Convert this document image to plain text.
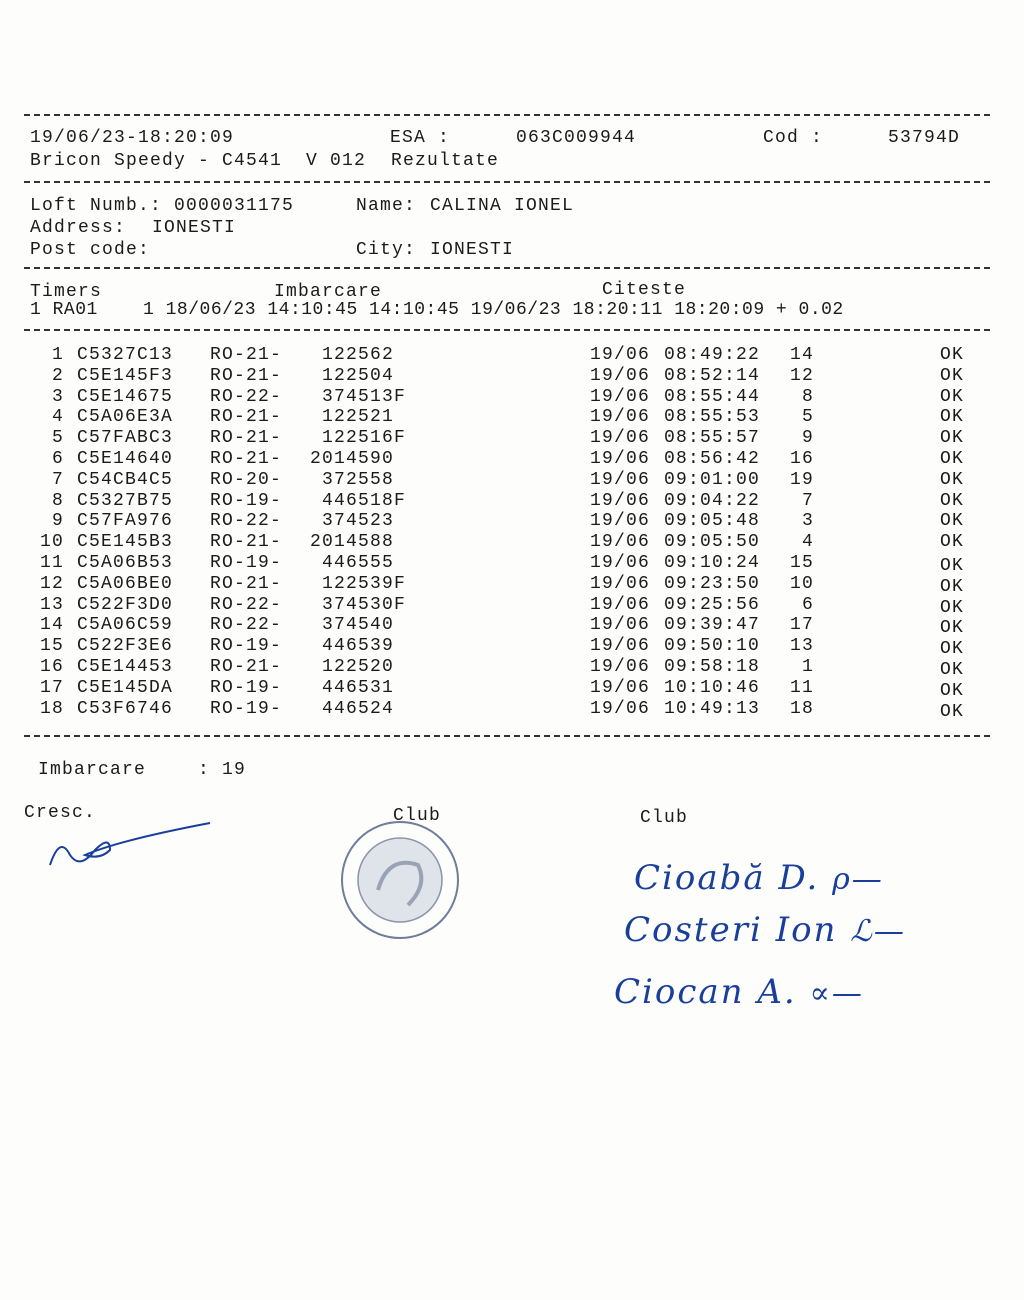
19/06/23-18:20:09	ESA :	063C009944	Cod :	53794D
Bricon Speedy - C4541 V 012 Rezultate
Loft Numb.: 0000031175	Name: CALINA IONEL
Address: IONESTI
Post code:	City: IONESTI
Timers	Imbarcare	Citeste
1 RA01    1 18/06/23 14:10:45 14:10:45 19/06/23 18:20:11 18:20:09 + 0.02
1 C5327C13 RO-21- 122562	19/06 08:49:22 14	OK
2 C5E145F3 RO-21- 122504	19/06 08:52:14 12	OK
3 C5E14675 RO-22- 374513F	19/06 08:55:44 8	OK
4 C5A06E3A RO-21- 122521	19/06 08:55:53 5	OK
5 C57FABC3 RO-21- 122516F	19/06 08:55:57 9	OK
6 C5E14640 RO-21- 2014590	19/06 08:56:42 16	OK
7 C54CB4C5 RO-20- 372558	19/06 09:01:00 19	OK
8 C5327B75 RO-19- 446518F	19/06 09:04:22 7	OK
9 C57FA976 RO-22- 374523	19/06 09:05:48 3	OK
10 C5E145B3 RO-21- 2014588	19/06 09:05:50 4	OK
11 C5A06B53 RO-19- 446555	19/06 09:10:24 15	OK
12 C5A06BE0 RO-21- 122539F	19/06 09:23:50 10	OK
13 C522F3D0 RO-22- 374530F	19/06 09:25:56 6	OK
14 C5A06C59 RO-22- 374540	19/06 09:39:47 17	OK
15 C522F3E6 RO-19- 446539	19/06 09:50:10 13	OK
16 C5E14453 RO-21- 122520	19/06 09:58:18 1	OK
17 C5E145DA RO-19- 446531	19/06 10:10:46 11	OK
18 C53F6746 RO-19- 446524	19/06 10:49:13 18	OK
Imbarcare	: 19
Cresc.	Club	Club
Cioabă D. ρ—
Costeri Ion ℒ—
Ciocan A. ∝—
